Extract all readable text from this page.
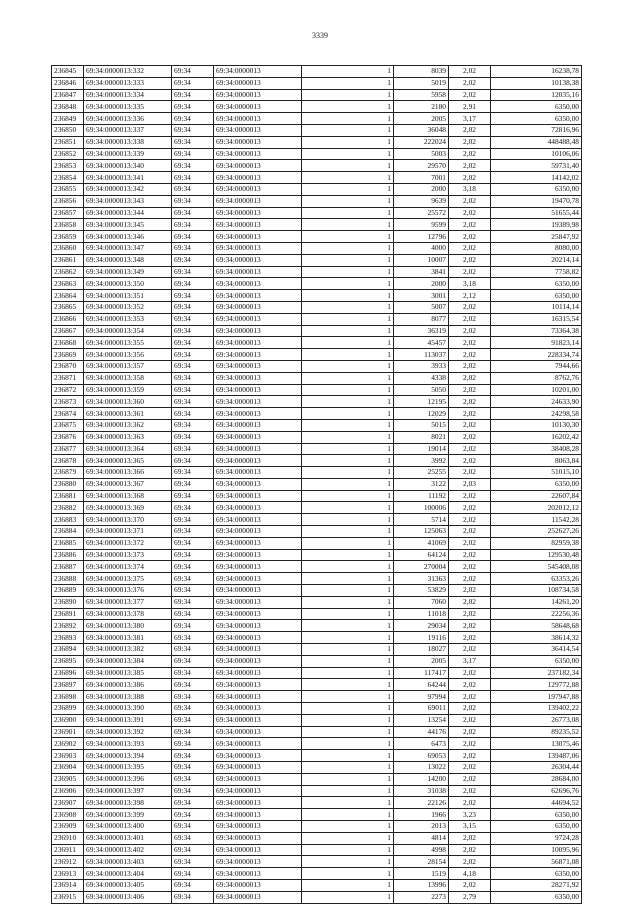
3339
236845	69:34:0000013:332	69:34	69:34:0000013	1	8039	2,02	16238,78
236846	69:34:0000013:333	69:34	69:34:0000013	1	5019	2,02	10138,38
236847	69:34:0000013:334	69:34	69:34:0000013	1	5958	2,02	12035,16
236848	69:34:0000013:335	69:34	69:34:0000013	1	2180	2,91	6350,00
236849	69:34:0000013:336	69:34	69:34:0000013	1	2005	3,17	6350,00
236850	69:34:0000013:337	69:34	69:34:0000013	1	36048	2,02	72816,96
236851	69:34:0000013:338	69:34	69:34:0000013	1	222024	2,02	448488,48
236852	69:34:0000013:339	69:34	69:34:0000013	1	5003	2,02	10106,06
236853	69:34:0000013:340	69:34	69:34:0000013	1	29570	2,02	59731,40
236854	69:34:0000013:341	69:34	69:34:0000013	1	7001	2,02	14142,02
236855	69:34:0000013:342	69:34	69:34:0000013	1	2000	3,18	6350,00
236856	69:34:0000013:343	69:34	69:34:0000013	1	9639	2,02	19470,78
236857	69:34:0000013:344	69:34	69:34:0000013	1	25572	2,02	51655,44
236858	69:34:0000013:345	69:34	69:34:0000013	1	9599	2,02	19389,98
236859	69:34:0000013:346	69:34	69:34:0000013	1	12796	2,02	25847,92
236860	69:34:0000013:347	69:34	69:34:0000013	1	4000	2,02	8080,00
236861	69:34:0000013:348	69:34	69:34:0000013	1	10007	2,02	20214,14
236862	69:34:0000013:349	69:34	69:34:0000013	1	3841	2,02	7758,82
236863	69:34:0000013:350	69:34	69:34:0000013	1	2000	3,18	6350,00
236864	69:34:0000013:351	69:34	69:34:0000013	1	3001	2,12	6350,00
236865	69:34:0000013:352	69:34	69:34:0000013	1	5007	2,02	10114,14
236866	69:34:0000013:353	69:34	69:34:0000013	1	8077	2,02	16315,54
236867	69:34:0000013:354	69:34	69:34:0000013	1	36319	2,02	73364,38
236868	69:34:0000013:355	69:34	69:34:0000013	1	45457	2,02	91823,14
236869	69:34:0000013:356	69:34	69:34:0000013	1	113037	2,02	228334,74
236870	69:34:0000013:357	69:34	69:34:0000013	1	3933	2,02	7944,66
236871	69:34:0000013:358	69:34	69:34:0000013	1	4338	2,02	8762,76
236872	69:34:0000013:359	69:34	69:34:0000013	1	5050	2,02	10201,00
236873	69:34:0000013:360	69:34	69:34:0000013	1	12195	2,02	24633,90
236874	69:34:0000013:361	69:34	69:34:0000013	1	12029	2,02	24298,58
236875	69:34:0000013:362	69:34	69:34:0000013	1	5015	2,02	10130,30
236876	69:34:0000013:363	69:34	69:34:0000013	1	8021	2,02	16202,42
236877	69:34:0000013:364	69:34	69:34:0000013	1	19014	2,02	38408,28
236878	69:34:0000013:365	69:34	69:34:0000013	1	3992	2,02	8063,84
236879	69:34:0000013:366	69:34	69:34:0000013	1	25255	2,02	51015,10
236880	69:34:0000013:367	69:34	69:34:0000013	1	3122	2,03	6350,00
236881	69:34:0000013:368	69:34	69:34:0000013	1	11192	2,02	22607,84
236882	69:34:0000013:369	69:34	69:34:0000013	1	100006	2,02	202012,12
236883	69:34:0000013:370	69:34	69:34:0000013	1	5714	2,02	11542,28
236884	69:34:0000013:371	69:34	69:34:0000013	1	125063	2,02	252627,26
236885	69:34:0000013:372	69:34	69:34:0000013	1	41069	2,02	82959,38
236886	69:34:0000013:373	69:34	69:34:0000013	1	64124	2,02	129530,48
236887	69:34:0000013:374	69:34	69:34:0000013	1	270004	2,02	545408,08
236888	69:34:0000013:375	69:34	69:34:0000013	1	31363	2,02	63353,26
236889	69:34:0000013:376	69:34	69:34:0000013	1	53829	2,02	108734,58
236890	69:34:0000013:377	69:34	69:34:0000013	1	7060	2,02	14261,20
236891	69:34:0000013:378	69:34	69:34:0000013	1	11018	2,02	22256,36
236892	69:34:0000013:380	69:34	69:34:0000013	1	29034	2,02	58648,68
236893	69:34:0000013:381	69:34	69:34:0000013	1	19116	2,02	38614,32
236894	69:34:0000013:382	69:34	69:34:0000013	1	18027	2,02	36414,54
236895	69:34:0000013:384	69:34	69:34:0000013	1	2005	3,17	6350,00
236896	69:34:0000013:385	69:34	69:34:0000013	1	117417	2,02	237182,34
236897	69:34:0000013:386	69:34	69:34:0000013	1	64244	2,02	129772,88
236898	69:34:0000013:388	69:34	69:34:0000013	1	97994	2,02	197947,88
236899	69:34:0000013:390	69:34	69:34:0000013	1	69011	2,02	139402,22
236900	69:34:0000013:391	69:34	69:34:0000013	1	13254	2,02	26773,08
236901	69:34:0000013:392	69:34	69:34:0000013	1	44176	2,02	89235,52
236902	69:34:0000013:393	69:34	69:34:0000013	1	6473	2,02	13075,46
236903	69:34:0000013:394	69:34	69:34:0000013	1	69053	2,02	139487,06
236904	69:34:0000013:395	69:34	69:34:0000013	1	13022	2,02	26304,44
236905	69:34:0000013:396	69:34	69:34:0000013	1	14200	2,02	28684,00
236906	69:34:0000013:397	69:34	69:34:0000013	1	31038	2,02	62696,76
236907	69:34:0000013:398	69:34	69:34:0000013	1	22126	2,02	44694,52
236908	69:34:0000013:399	69:34	69:34:0000013	1	1966	3,23	6350,00
236909	69:34:0000013:400	69:34	69:34:0000013	1	2013	3,15	6350,00
236910	69:34:0000013:401	69:34	69:34:0000013	1	4814	2,02	9724,28
236911	69:34:0000013:402	69:34	69:34:0000013	1	4998	2,02	10095,96
236912	69:34:0000013:403	69:34	69:34:0000013	1	28154	2,02	56871,08
236913	69:34:0000013:404	69:34	69:34:0000013	1	1519	4,18	6350,00
236914	69:34:0000013:405	69:34	69:34:0000013	1	13996	2,02	28271,92
236915	69:34:0000013:406	69:34	69:34:0000013	1	2273	2,79	6350,00
